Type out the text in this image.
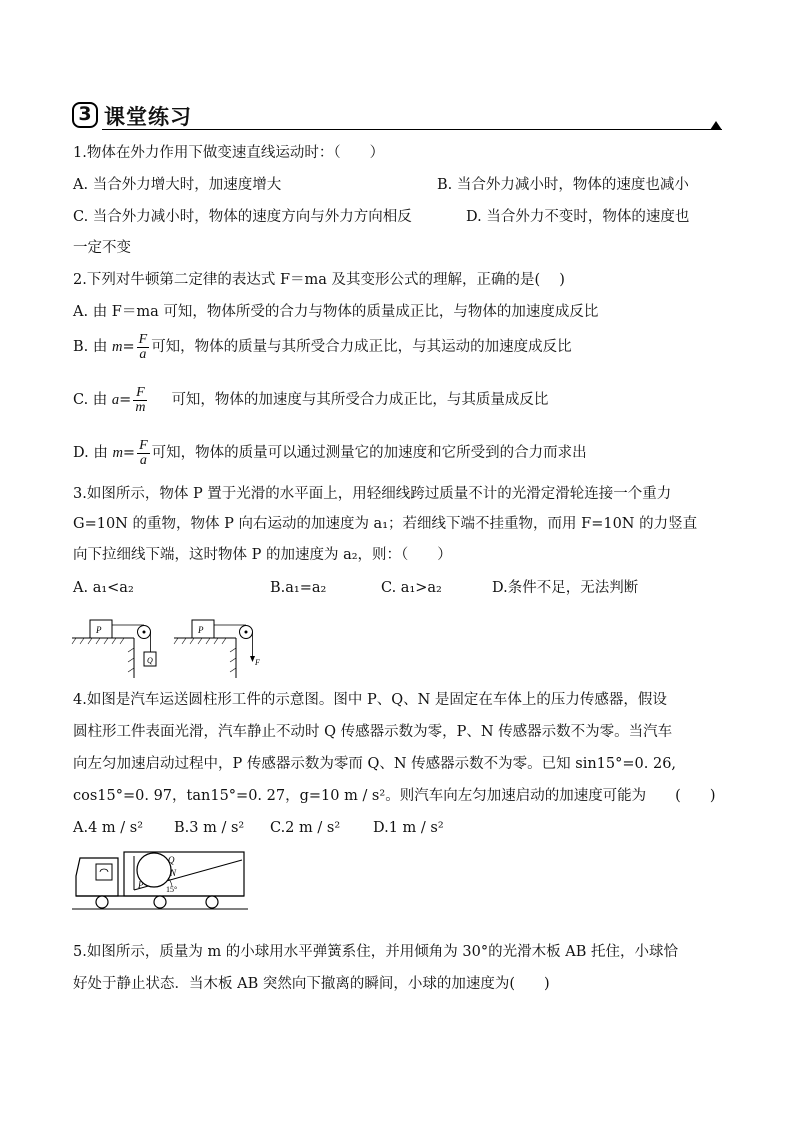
3 课堂练习
1.物体在外力作用下做变速直线运动时：（　　）
A. 当合外力增大时，加速度增大	B. 当合外力减小时，物体的速度也减小
C. 当合外力减小时，物体的速度方向与外力方向相反	D. 当合外力不变时，物体的速度也
一定不变
2.下列对牛顿第二定律的表达式 F＝ma 及其变形公式的理解，正确的是(　 )
A. 由 F＝ma 可知，物体所受的合力与物体的质量成正比，与物体的加速度成反比
B. 由 $m= \frac{F}{a}$ 可知，物体的质量与其所受合力成正比，与其运动的加速度成反比
C. 由 $a= \frac{F}{m}$ 可知，物体的加速度与其所受合力成正比，与其质量成反比
D. 由 $m= \frac{F}{a}$ 可知，物体的质量可以通过测量它的加速度和它所受到的合力而求出
3.如图所示，物体 P 置于光滑的水平面上，用轻细线跨过质量不计的光滑定滑轮连接一个重力
G=10N 的重物，物体 P 向右运动的加速度为 a₁；若细线下端不挂重物，而用 F=10N 的力竖直
向下拉细线下端，这时物体 P 的加速度为 a₂，则：（　　）
A. a₁<a₂	B.a₁=a₂	C. a₁>a₂	D.条件不足，无法判断
P
Q
P
F
4.如图是汽车运送圆柱形工件的示意图。图中 P、Q、N 是固定在车体上的压力传感器，假设
圆柱形工件表面光滑，汽车静止不动时 Q 传感器示数为零，P、N 传感器示数不为零。当汽车
向左匀加速启动过程中，P 传感器示数为零而 Q、N 传感器示数不为零。已知 sin15°=0. 26,
cos15°=0. 97，tan15°=0. 27，g=10 m / s²。则汽车向左匀加速启动的加速度可能为　　(　　)
A.4 m / s² B.3 m / s² C.2 m / s² D.1 m / s²
Q
N
P	15°
5.如图所示，质量为 m 的小球用水平弹簧系住，并用倾角为 30°的光滑木板 AB 托住，小球恰
好处于静止状态．当木板 AB 突然向下撤离的瞬间，小球的加速度为(　　)
